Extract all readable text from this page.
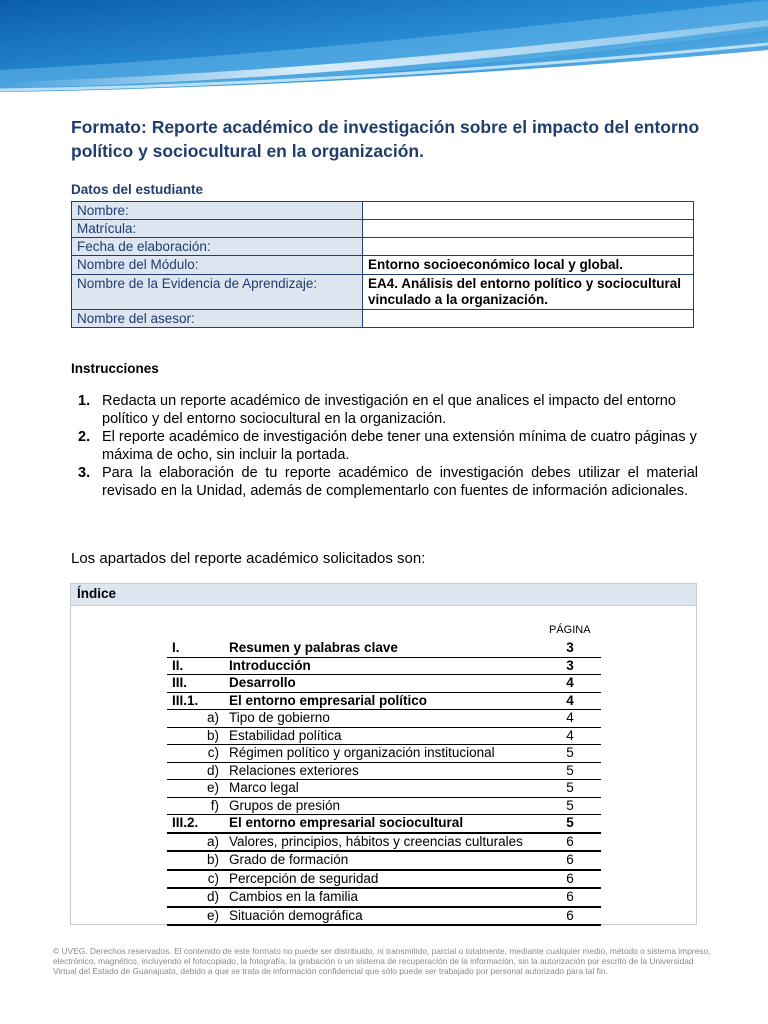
Formato: Reporte académico de investigación sobre el impacto del entorno político y sociocultural en la organización.
Datos del estudiante
Nombre:	
Matrícula:	
Fecha de elaboración:	
Nombre del Módulo:	Entorno socioeconómico local y global.
Nombre de la Evidencia de Aprendizaje:	EA4. Análisis del entorno político y sociocultural vinculado a la organización.
Nombre del asesor:	
Instrucciones
1. Redacta un reporte académico de investigación en el que analices el impacto del entorno político y del entorno sociocultural en la organización.
2. El reporte académico de investigación debe tener una extensión mínima de cuatro páginas y máxima de ocho, sin incluir la portada.
3. Para la elaboración de tu reporte académico de investigación debes utilizar el material revisado en la Unidad, además de complementarlo con fuentes de información adicionales.
Los apartados del reporte académico solicitados son:
Índice
PÁGINA
I.	Resumen y palabras clave	3
II.	Introducción	3
III.	Desarrollo	4
III.1.	El entorno empresarial político	4
a)	Tipo de gobierno	4
b)	Estabilidad política	4
c)	Régimen político y organización institucional	5
d)	Relaciones exteriores	5
e)	Marco legal	5
f)	Grupos de presión	5
III.2.	El entorno empresarial sociocultural	5
a)	Valores, principios, hábitos y creencias culturales	6
b)	Grado de formación	6
c)	Percepción de seguridad	6
d)	Cambios en la familia	6
e)	Situación demográfica	6
© UVEG. Derechos reservados. El contenido de este formato no puede ser distribuido, ni transmitido, parcial o totalmente, mediante cualquier medio, método o sistema impreso, electrónico, magnético, incluyendo el fotocopiado, la fotografía, la grabación o un sistema de recuperación de la información, sin la autorización por escrito de la Universidad Virtual del Estado de Guanajuato, debido a que se trata de información confidencial que sólo puede ser trabajado por personal autorizado para tal fin.
